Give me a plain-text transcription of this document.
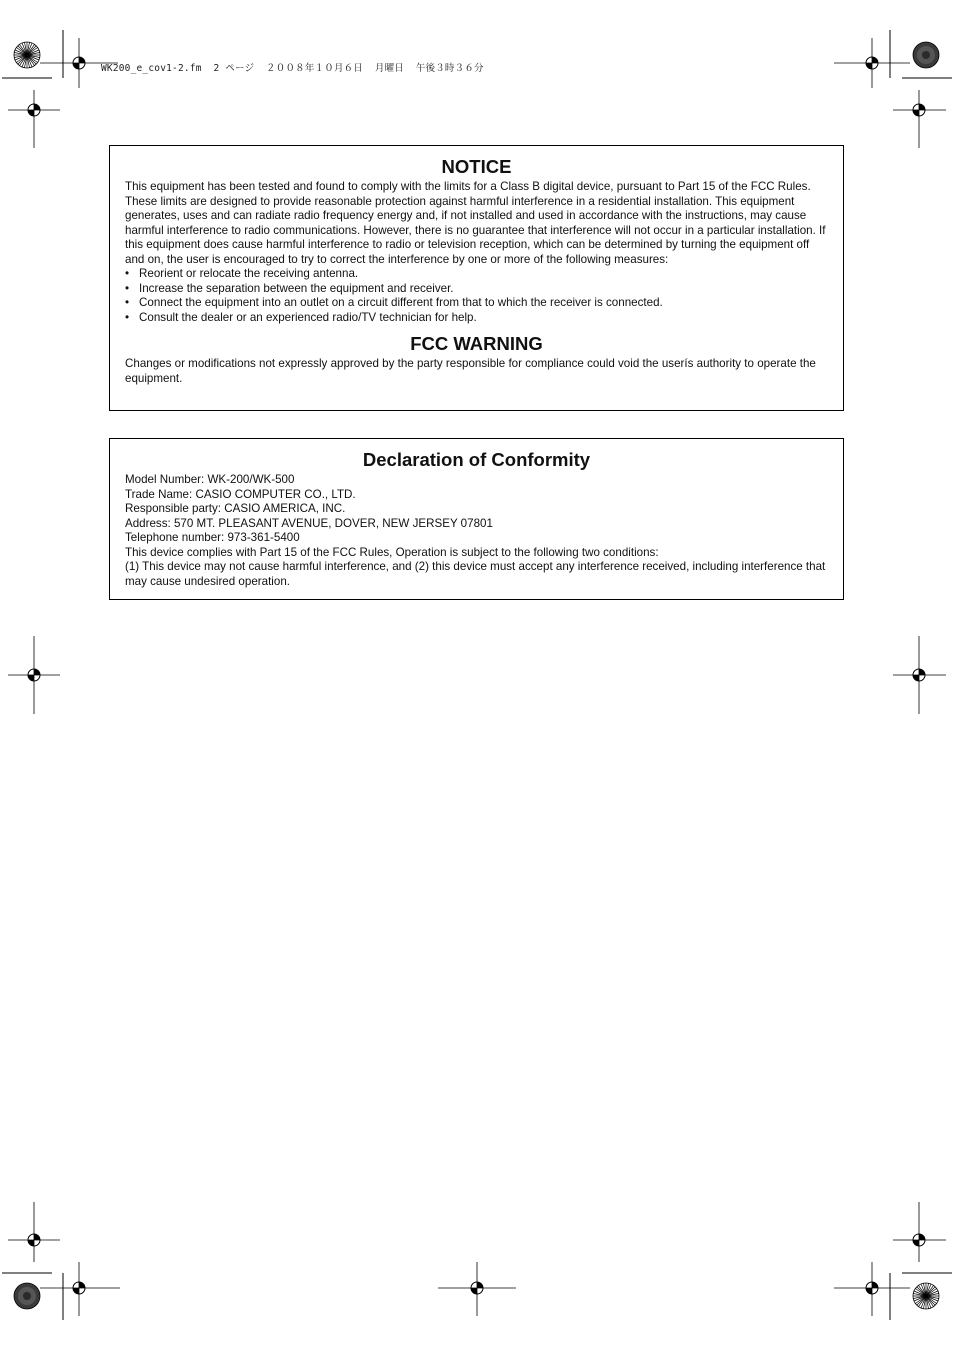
WK200_e_cov1-2.fm  2 ページ  ２００８年１０月６日  月曜日  午後３時３６分
NOTICE

This equipment has been tested and found to comply with the limits for a Class B digital device, pursuant to Part 15 of the FCC Rules. These limits are designed to provide reasonable protection against harmful interference in a residential installation. This equipment generates, uses and can radiate radio frequency energy and, if not installed and used in accordance with the instructions, may cause harmful interference to radio communications. However, there is no guarantee that interference will not occur in a particular installation. If this equipment does cause harmful interference to radio or television reception, which can be determined by turning the equipment off and on, the user is encouraged to try to correct the interference by one or more of the following measures:

• Reorient or relocate the receiving antenna.
• Increase the separation between the equipment and receiver.
• Connect the equipment into an outlet on a circuit different from that to which the receiver is connected.
• Consult the dealer or an experienced radio/TV technician for help.
FCC WARNING

Changes or modifications not expressly approved by the party responsible for compliance could void the userís authority to operate the equipment.

Declaration of Conformity
Model Number: WK-200/WK-500
Trade Name: CASIO COMPUTER CO., LTD.
Responsible party: CASIO AMERICA, INC.
Address: 570 MT. PLEASANT AVENUE, DOVER, NEW JERSEY 07801
Telephone number: 973-361-5400
This device complies with Part 15 of the FCC Rules, Operation is subject to the following two conditions:
(1) This device may not cause harmful interference, and (2) this device must accept any interference received, including interference that may cause undesired operation.
